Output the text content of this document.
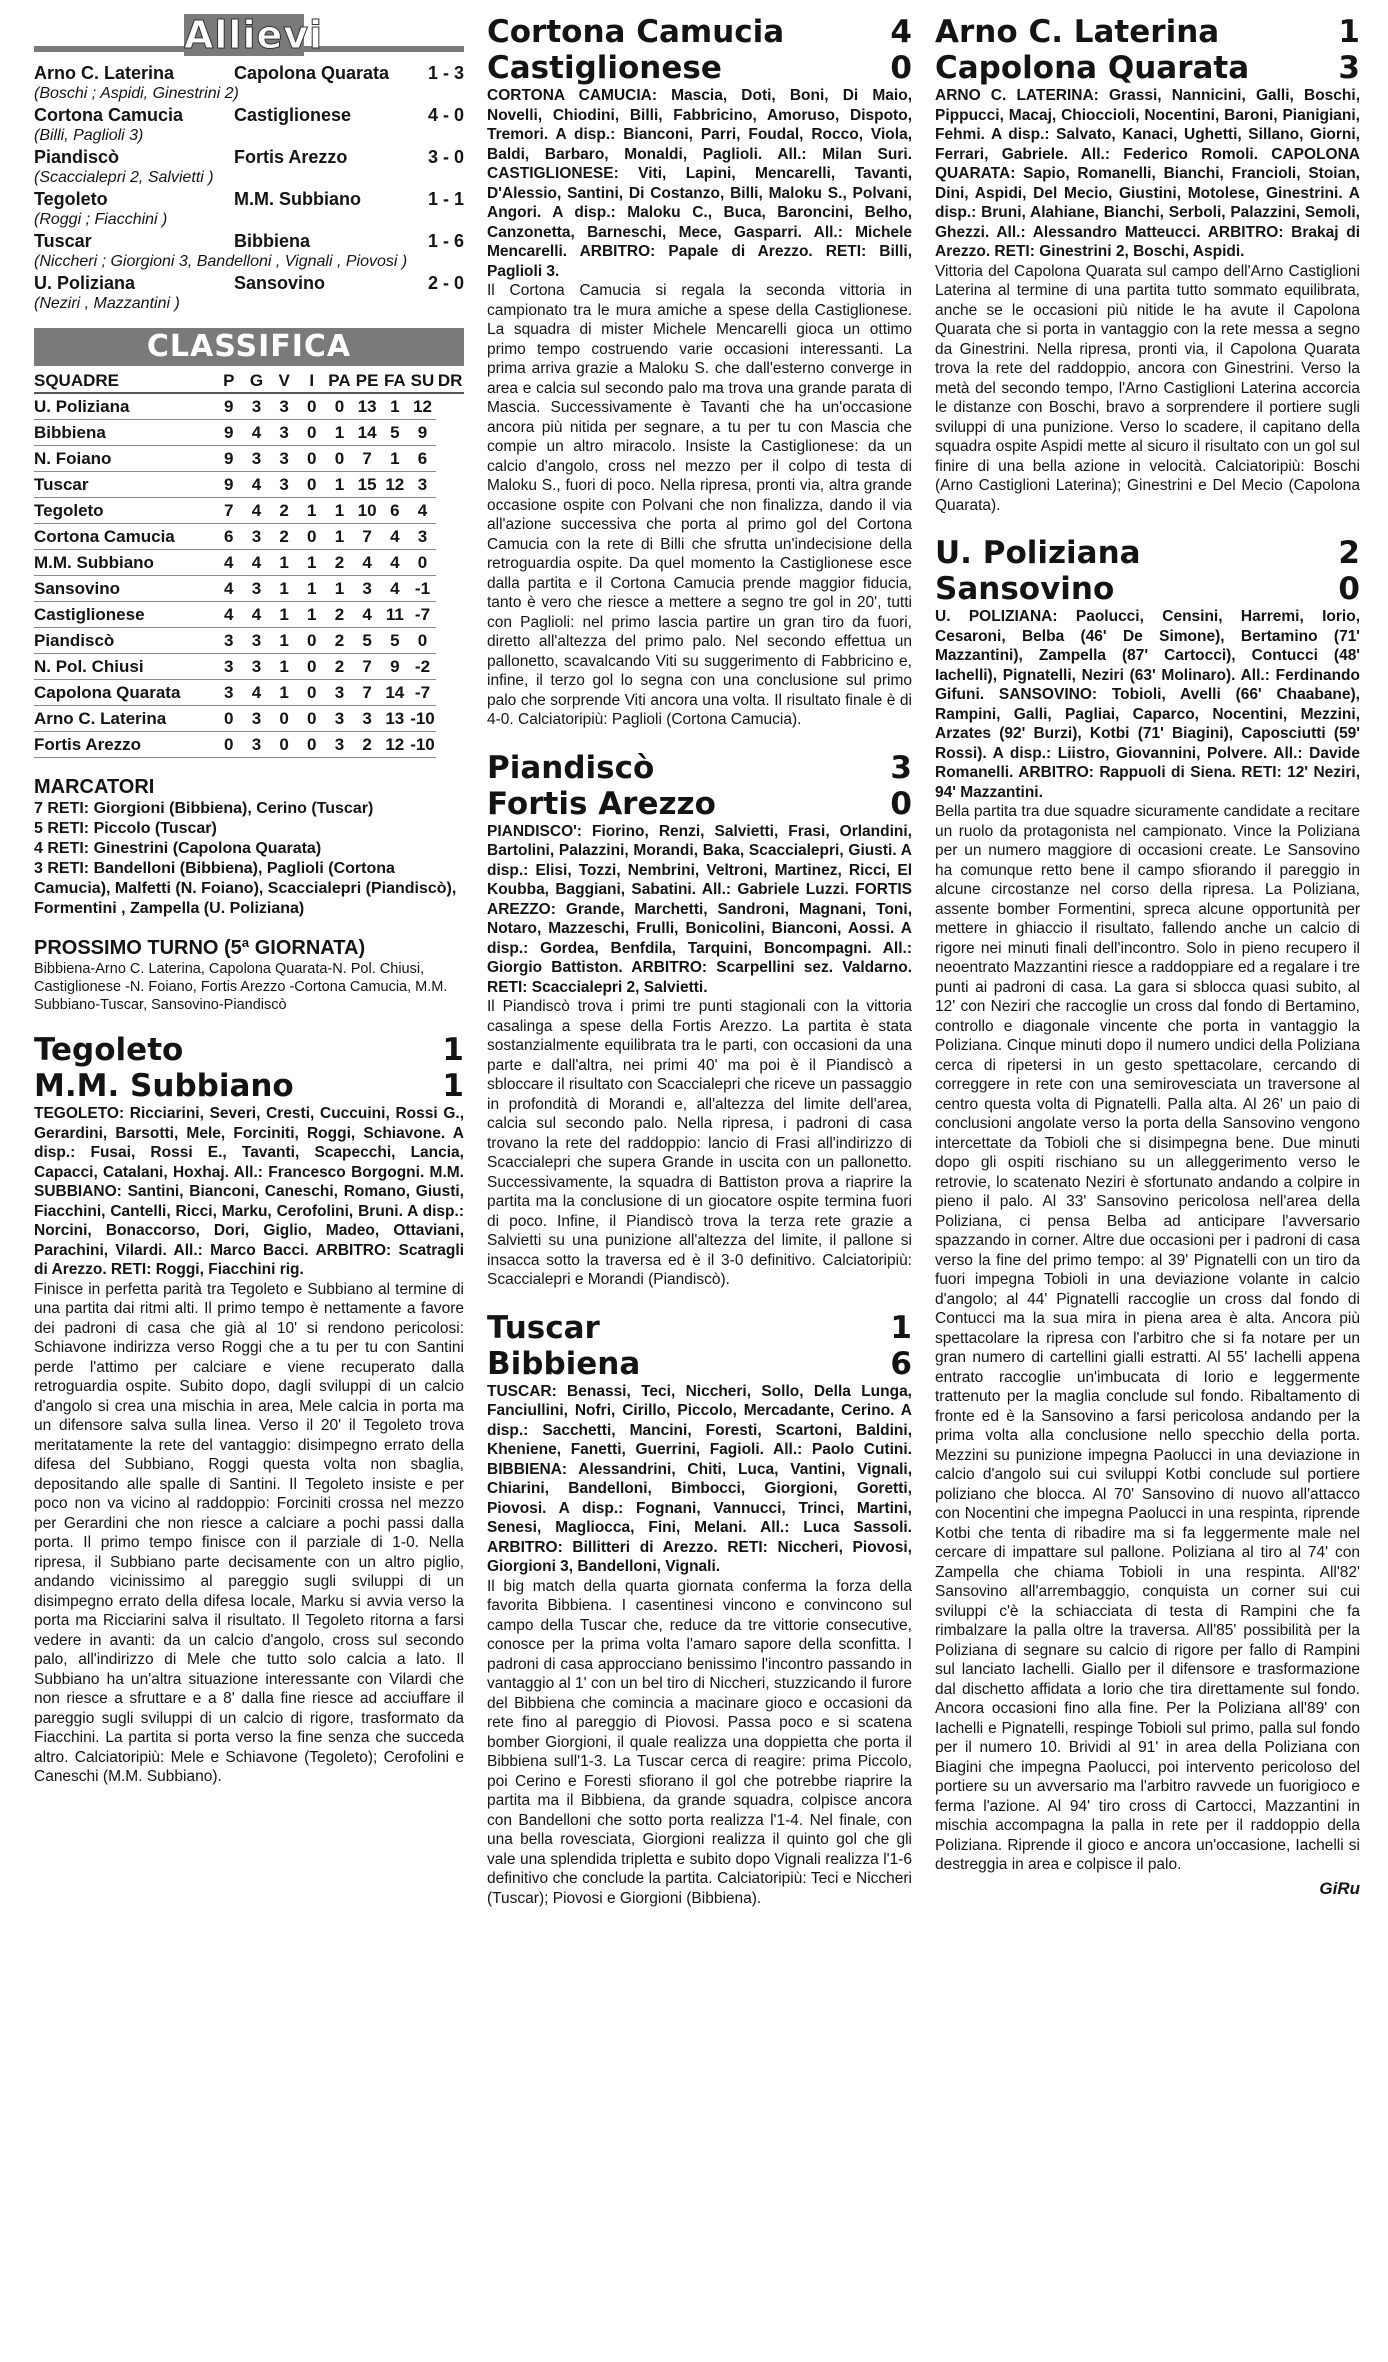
Allievi
Arno C. Laterina	Capolona Quarata	1 - 3
(Boschi ; Aspidi, Ginestrini 2)
Cortona Camucia	Castiglionese	4 - 0
(Billi, Paglioli 3)
Piandiscò	Fortis Arezzo	3 - 0
(Scaccialepri 2, Salvietti )
Tegoleto	M.M. Subbiano	1 - 1
(Roggi ; Fiacchini )
Tuscar	Bibbiena	1 - 6
(Niccheri ; Giorgioni 3, Bandelloni , Vignali , Piovosi )
U. Poliziana	Sansovino	2 - 0
(Neziri , Mazzantini )
CLASSIFICA
SQUADRE	P	G	V	I	PA	PE	FA	SU	DR
U. Poliziana	9	3	3	0	0	13	1	12	
Bibbiena	9	4	3	0	1	14	5	9	
N. Foiano	9	3	3	0	0	7	1	6	
Tuscar	9	4	3	0	1	15	12	3	
Tegoleto	7	4	2	1	1	10	6	4	
Cortona Camucia	6	3	2	0	1	7	4	3	
M.M. Subbiano	4	4	1	1	2	4	4	0	
Sansovino	4	3	1	1	1	3	4	-1	
Castiglionese	4	4	1	1	2	4	11	-7	
Piandiscò	3	3	1	0	2	5	5	0	
N. Pol. Chiusi	3	3	1	0	2	7	9	-2	
Capolona Quarata	3	4	1	0	3	7	14	-7	
Arno C. Laterina	0	3	0	0	3	3	13	-10	
Fortis Arezzo	0	3	0	0	3	2	12	-10	
MARCATORI
7 RETI: Giorgioni (Bibbiena), Cerino (Tuscar)
5 RETI: Piccolo (Tuscar)
4 RETI: Ginestrini (Capolona Quarata)
3 RETI: Bandelloni (Bibbiena), Paglioli (Cortona Camucia), Malfetti (N. Foiano), Scaccialepri (Piandiscò), Formentini , Zampella (U. Poliziana)
PROSSIMO TURNO (5ª GIORNATA)
Bibbiena-Arno C. Laterina, Capolona Quarata-N. Pol. Chiusi, Castiglionese -N. Foiano, Fortis Arezzo -Cortona Camucia, M.M. Subbiano-Tuscar, Sansovino-Piandiscò
Tegoleto	1
M.M. Subbiano	1
TEGOLETO: Ricciarini, Severi, Cresti, Cuccuini, Rossi G., Gerardini, Barsotti, Mele, Forciniti, Roggi, Schiavone. A disp.: Fusai, Rossi E., Tavanti, Scapecchi, Lancia, Capacci, Catalani, Hoxhaj. All.: Francesco Borgogni. M.M. SUBBIANO: Santini, Bianconi, Caneschi, Romano, Giusti, Fiacchini, Cantelli, Ricci, Marku, Cerofolini, Bruni. A disp.: Norcini, Bonaccorso, Dori, Giglio, Madeo, Ottaviani, Parachini, Vilardi. All.: Marco Bacci. ARBITRO: Scatragli di Arezzo. RETI: Roggi, Fiacchini rig.
Finisce in perfetta parità tra Tegoleto e Subbiano al termine di una partita dai ritmi alti. Il primo tempo è nettamente a favore dei padroni di casa che già al 10' si rendono pericolosi: Schiavone indirizza verso Roggi che a tu per tu con Santini perde l'attimo per calciare e viene recuperato dalla retroguardia ospite. Subito dopo, dagli sviluppi di un calcio d'angolo si crea una mischia in area, Mele calcia in porta ma un difensore salva sulla linea. Verso il 20' il Tegoleto trova meritatamente la rete del vantaggio: disimpegno errato della difesa del Subbiano, Roggi questa volta non sbaglia, depositando alle spalle di Santini. Il Tegoleto insiste e per poco non va vicino al raddoppio: Forciniti crossa nel mezzo per Gerardini che non riesce a calciare a pochi passi dalla porta. Il primo tempo finisce con il parziale di 1-0. Nella ripresa, il Subbiano parte decisamente con un altro piglio, andando vicinissimo al pareggio sugli sviluppi di un disimpegno errato della difesa locale, Marku si avvia verso la porta ma Ricciarini salva il risultato. Il Tegoleto ritorna a farsi vedere in avanti: da un calcio d'angolo, cross sul secondo palo, all'indirizzo di Mele che tutto solo calcia a lato. Il Subbiano ha un'altra situazione interessante con Vilardi che non riesce a sfruttare e a 8' dalla fine riesce ad acciuffare il pareggio sugli sviluppi di un calcio di rigore, trasformato da Fiacchini. La partita si porta verso la fine senza che succeda altro. Calciatoripiù: Mele e Schiavone (Tegoleto); Cerofolini e Caneschi (M.M. Subbiano).
Cortona Camucia	4
Castiglionese	0
CORTONA CAMUCIA: Mascia, Doti, Boni, Di Maio, Novelli, Chiodini, Billi, Fabbricino, Amoruso, Dispoto, Tremori. A disp.: Bianconi, Parri, Foudal, Rocco, Viola, Baldi, Barbaro, Monaldi, Paglioli. All.: Milan Suri. CASTIGLIONESE: Viti, Lapini, Mencarelli, Tavanti, D'Alessio, Santini, Di Costanzo, Billi, Maloku S., Polvani, Angori. A disp.: Maloku C., Buca, Baroncini, Belho, Canzonetta, Barneschi, Mece, Gasparri. All.: Michele Mencarelli. ARBITRO: Papale di Arezzo. RETI: Billi, Paglioli 3.
Il Cortona Camucia si regala la seconda vittoria in campionato tra le mura amiche a spese della Castiglionese. La squadra di mister Michele Mencarelli gioca un ottimo primo tempo costruendo varie occasioni interessanti. La prima arriva grazie a Maloku S. che dall'esterno converge in area e calcia sul secondo palo ma trova una grande parata di Mascia. Successivamente è Tavanti che ha un'occasione ancora più nitida per segnare, a tu per tu con Mascia che compie un altro miracolo. Insiste la Castiglionese: da un calcio d'angolo, cross nel mezzo per il colpo di testa di Maloku S., fuori di poco. Nella ripresa, pronti via, altra grande occasione ospite con Polvani che non finalizza, dando il via all'azione successiva che porta al primo gol del Cortona Camucia con la rete di Billi che sfrutta un'indecisione della retroguardia ospite. Da quel momento la Castiglionese esce dalla partita e il Cortona Camucia prende maggior fiducia, tanto è vero che riesce a mettere a segno tre gol in 20', tutti con Paglioli: nel primo lascia partire un gran tiro da fuori, diretto all'altezza del primo palo. Nel secondo effettua un pallonetto, scavalcando Viti su suggerimento di Fabbricino e, infine, il terzo gol lo segna con una conclusione sul primo palo che sorprende Viti ancora una volta. Il risultato finale è di 4-0. Calciatoripiù: Paglioli (Cortona Camucia).
Piandiscò	3
Fortis Arezzo	0
PIANDISCO': Fiorino, Renzi, Salvietti, Frasi, Orlandini, Bartolini, Palazzini, Morandi, Baka, Scaccialepri, Giusti. A disp.: Elisi, Tozzi, Nembrini, Veltroni, Martinez, Ricci, El Koubba, Baggiani, Sabatini. All.: Gabriele Luzzi. FORTIS AREZZO: Grande, Marchetti, Sandroni, Magnani, Toni, Notaro, Mazzeschi, Frulli, Bonicolini, Bianconi, Aossi. A disp.: Gordea, Benfdila, Tarquini, Boncompagni. All.: Giorgio Battiston. ARBITRO: Scarpellini sez. Valdarno. RETI: Scaccialepri 2, Salvietti.
Il Piandiscò trova i primi tre punti stagionali con la vittoria casalinga a spese della Fortis Arezzo. La partita è stata sostanzialmente equilibrata tra le parti, con occasioni da una parte e dall'altra, nei primi 40' ma poi è il Piandiscò a sbloccare il risultato con Scaccialepri che riceve un passaggio in profondità di Morandi e, all'altezza del limite dell'area, calcia sul secondo palo. Nella ripresa, i padroni di casa trovano la rete del raddoppio: lancio di Frasi all'indirizzo di Scaccialepri che supera Grande in uscita con un pallonetto. Successivamente, la squadra di Battiston prova a riaprire la partita ma la conclusione di un giocatore ospite termina fuori di poco. Infine, il Piandiscò trova la terza rete grazie a Salvietti su una punizione all'altezza del limite, il pallone si insacca sotto la traversa ed è il 3-0 definitivo. Calciatoripiù: Scaccialepri e Morandi (Piandiscò).
Tuscar	1
Bibbiena	6
TUSCAR: Benassi, Teci, Niccheri, Sollo, Della Lunga, Fanciullini, Nofri, Cirillo, Piccolo, Mercadante, Cerino. A disp.: Sacchetti, Mancini, Foresti, Scartoni, Baldini, Kheniene, Fanetti, Guerrini, Fagioli. All.: Paolo Cutini. BIBBIENA: Alessandrini, Chiti, Luca, Vantini, Vignali, Chiarini, Bandelloni, Bimbocci, Giorgioni, Goretti, Piovosi. A disp.: Fognani, Vannucci, Trinci, Martini, Senesi, Magliocca, Fini, Melani. All.: Luca Sassoli. ARBITRO: Billitteri di Arezzo. RETI: Niccheri, Piovosi, Giorgioni 3, Bandelloni, Vignali.
Il big match della quarta giornata conferma la forza della favorita Bibbiena. I casentinesi vincono e convincono sul campo della Tuscar che, reduce da tre vittorie consecutive, conosce per la prima volta l'amaro sapore della sconfitta. I padroni di casa approcciano benissimo l'incontro passando in vantaggio al 1' con un bel tiro di Niccheri, stuzzicando il furore del Bibbiena che comincia a macinare gioco e occasioni da rete fino al pareggio di Piovosi. Passa poco e si scatena bomber Giorgioni, il quale realizza una doppietta che porta il Bibbiena sull'1-3. La Tuscar cerca di reagire: prima Piccolo, poi Cerino e Foresti sfiorano il gol che potrebbe riaprire la partita ma il Bibbiena, da grande squadra, colpisce ancora con Bandelloni che sotto porta realizza l'1-4. Nel finale, con una bella rovesciata, Giorgioni realizza il quinto gol che gli vale una splendida tripletta e subito dopo Vignali realizza l'1-6 definitivo che conclude la partita. Calciatoripiù: Teci e Niccheri (Tuscar); Piovosi e Giorgioni (Bibbiena).
Arno C. Laterina	1
Capolona Quarata	3
ARNO C. LATERINA: Grassi, Nannicini, Galli, Boschi, Pippucci, Macaj, Chioccioli, Nocentini, Baroni, Pianigiani, Fehmi. A disp.: Salvato, Kanaci, Ughetti, Sillano, Giorni, Ferrari, Gabriele. All.: Federico Romoli. CAPOLONA QUARATA: Sapio, Romanelli, Bianchi, Francioli, Stoian, Dini, Aspidi, Del Mecio, Giustini, Motolese, Ginestrini. A disp.: Bruni, Alahiane, Bianchi, Serboli, Palazzini, Semoli, Ghezzi. All.: Alessandro Matteucci. ARBITRO: Brakaj di Arezzo. RETI: Ginestrini 2, Boschi, Aspidi.
Vittoria del Capolona Quarata sul campo dell'Arno Castiglioni Laterina al termine di una partita tutto sommato equilibrata, anche se le occasioni più nitide le ha avute il Capolona Quarata che si porta in vantaggio con la rete messa a segno da Ginestrini. Nella ripresa, pronti via, il Capolona Quarata trova la rete del raddoppio, ancora con Ginestrini. Verso la metà del secondo tempo, l'Arno Castiglioni Laterina accorcia le distanze con Boschi, bravo a sorprendere il portiere sugli sviluppi di una punizione. Verso lo scadere, il capitano della squadra ospite Aspidi mette al sicuro il risultato con un gol sul finire di una bella azione in velocità. Calciatoripiù: Boschi (Arno Castiglioni Laterina); Ginestrini e Del Mecio (Capolona Quarata).
U. Poliziana	2
Sansovino	0
U. POLIZIANA: Paolucci, Censini, Harremi, Iorio, Cesaroni, Belba (46' De Simone), Bertamino (71' Mazzantini), Zampella (87' Cartocci), Contucci (48' Iachelli), Pignatelli, Neziri (63' Molinaro). All.: Ferdinando Gifuni. SANSOVINO: Tobioli, Avelli (66' Chaabane), Rampini, Galli, Pagliai, Caparco, Nocentini, Mezzini, Arzates (92' Burzi), Kotbi (71' Biagini), Caposciutti (59' Rossi). A disp.: Liistro, Giovannini, Polvere. All.: Davide Romanelli. ARBITRO: Rappuoli di Siena. RETI: 12' Neziri, 94' Mazzantini.
Bella partita tra due squadre sicuramente candidate a recitare un ruolo da protagonista nel campionato. Vince la Poliziana per un numero maggiore di occasioni create. Le Sansovino ha comunque retto bene il campo sfiorando il pareggio in alcune circostanze nel corso della ripresa. La Poliziana, assente bomber Formentini, spreca alcune opportunità per mettere in ghiaccio il risultato, fallendo anche un calcio di rigore nei minuti finali dell'incontro. Solo in pieno recupero il neoentrato Mazzantini riesce a raddoppiare ed a regalare i tre punti ai padroni di casa. La gara si sblocca quasi subito, al 12' con Neziri che raccoglie un cross dal fondo di Bertamino, controllo e diagonale vincente che porta in vantaggio la Poliziana. Cinque minuti dopo il numero undici della Poliziana cerca di ripetersi in un gesto spettacolare, cercando di correggere in rete con una semirovesciata un traversone al centro questa volta di Pignatelli. Palla alta. Al 26' un paio di conclusioni angolate verso la porta della Sansovino vengono intercettate da Tobioli che si disimpegna bene. Due minuti dopo gli ospiti rischiano su un alleggerimento verso le retrovie, lo scatenato Neziri è sfortunato andando a colpire in pieno il palo. Al 33' Sansovino pericolosa nell'area della Poliziana, ci pensa Belba ad anticipare l'avversario spazzando in corner. Altre due occasioni per i padroni di casa verso la fine del primo tempo: al 39' Pignatelli con un tiro da fuori impegna Tobioli in una deviazione volante in calcio d'angolo; al 44' Pignatelli raccoglie un cross dal fondo di Contucci ma la sua mira in piena area è alta. Ancora più spettacolare la ripresa con l'arbitro che si fa notare per un gran numero di cartellini gialli estratti. Al 55' Iachelli appena entrato raccoglie un'imbucata di Iorio e leggermente trattenuto per la maglia conclude sul fondo. Ribaltamento di fronte ed è la Sansovino a farsi pericolosa andando per la prima volta alla conclusione nello specchio della porta. Mezzini su punizione impegna Paolucci in una deviazione in calcio d'angolo sui cui sviluppi Kotbi conclude sul portiere poliziano che blocca. Al 70' Sansovino di nuovo all'attacco con Nocentini che impegna Paolucci in una respinta, riprende Kotbi che tenta di ribadire ma si fa leggermente male nel cercare di impattare sul pallone. Poliziana al tiro al 74' con Zampella che chiama Tobioli in una respinta. All'82' Sansovino all'arrembaggio, conquista un corner sui cui sviluppi c'è la schiacciata di testa di Rampini che fa rimbalzare la palla oltre la traversa. All'85' possibilità per la Poliziana di segnare su calcio di rigore per fallo di Rampini sul lanciato Iachelli. Giallo per il difensore e trasformazione dal dischetto affidata a Iorio che tira direttamente sul fondo. Ancora occasioni fino alla fine. Per la Poliziana all'89' con Iachelli e Pignatelli, respinge Tobioli sul primo, palla sul fondo per il numero 10. Brividi al 91' in area della Poliziana con Biagini che impegna Paolucci, poi intervento pericoloso del portiere su un avversario ma l'arbitro ravvede un fuorigioco e ferma l'azione. Al 94' tiro cross di Cartocci, Mazzantini in mischia accompagna la palla in rete per il raddoppio della Poliziana. Riprende il gioco e ancora un'occasione, Iachelli si destreggia in area e colpisce il palo.
GiRu
